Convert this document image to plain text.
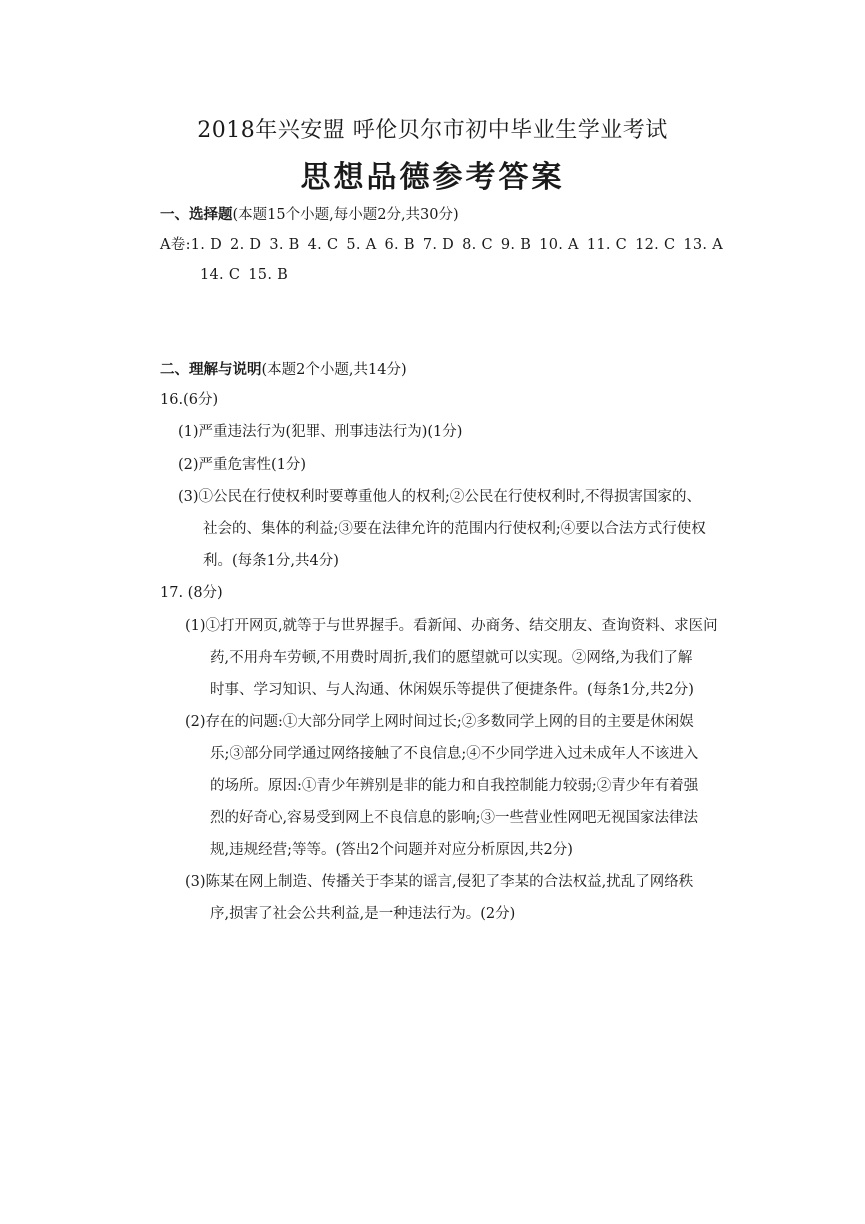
2018年兴安盟 呼伦贝尔市初中毕业生学业考试
思想品德参考答案
一、选择题(本题15个小题,每小题2分,共30分)
A卷:1. D 2. D 3. B 4. C 5. A 6. B 7. D 8. C 9. B 10. A 11. C 12. C 13. A
14. C 15. B
二、理解与说明(本题2个小题,共14分)
16.(6分)
(1)严重违法行为(犯罪、刑事违法行为)(1分)
(2)严重危害性(1分)
(3)①公民在行使权利时要尊重他人的权利;②公民在行使权利时,不得损害国家的、
社会的、集体的利益;③要在法律允许的范围内行使权利;④要以合法方式行使权
利。(每条1分,共4分)
17. (8分)
(1)①打开网页,就等于与世界握手。看新闻、办商务、结交朋友、查询资料、求医问
药,不用舟车劳顿,不用费时周折,我们的愿望就可以实现。②网络,为我们了解
时事、学习知识、与人沟通、休闲娱乐等提供了便捷条件。(每条1分,共2分)
(2)存在的问题:①大部分同学上网时间过长;②多数同学上网的目的主要是休闲娱
乐;③部分同学通过网络接触了不良信息;④不少同学进入过未成年人不该进入
的场所。原因:①青少年辨别是非的能力和自我控制能力较弱;②青少年有着强
烈的好奇心,容易受到网上不良信息的影响;③一些营业性网吧无视国家法律法
规,违规经营;等等。(答出2个问题并对应分析原因,共2分)
(3)陈某在网上制造、传播关于李某的谣言,侵犯了李某的合法权益,扰乱了网络秩
序,损害了社会公共利益,是一种违法行为。(2分)
